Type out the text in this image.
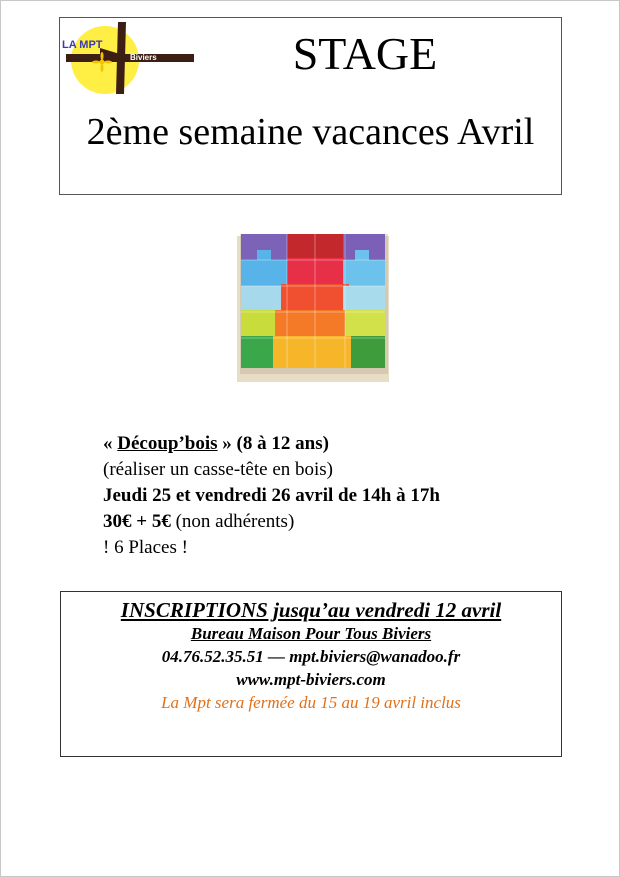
LA MPT
Biviers	STAGE
2ème semaine vacances Avril
« Découp’bois » (8 à 12 ans)
(réaliser un casse-tête en bois)
Jeudi 25 et vendredi 26 avril de 14h à 17h
30€ + 5€ (non adhérents)
! 6 Places !
INSCRIPTIONS jusqu’au vendredi 12 avril
Bureau Maison Pour Tous Biviers
04.76.52.35.51 — mpt.biviers@wanadoo.fr
www.mpt-biviers.com
La Mpt sera fermée du 15 au 19 avril inclus
